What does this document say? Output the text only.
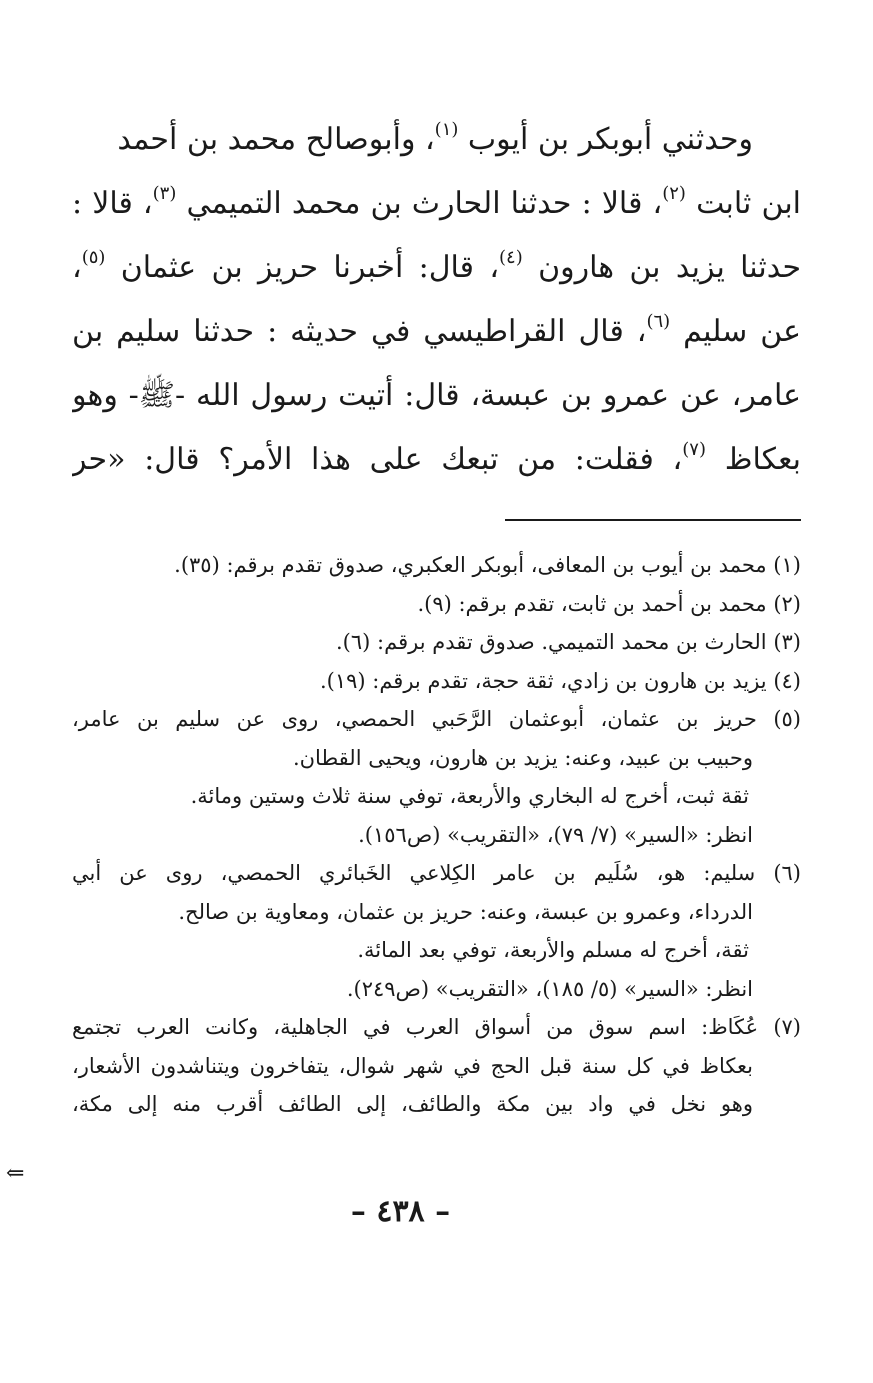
وحدثني أبوبكر بن أيوب $^{(١)}$، وأبوصالح محمد بن أحمد
ابن ثابت $^{(٢)}$، قالا : حدثنا الحارث بن محمد التميمي $^{(٣)}$، قالا :
حدثنا يزيد بن هارون $^{(٤)}$، قال: أخبرنا حريز بن عثمان $^{(٥)}$،
عن سليم $^{(٦)}$، قال القراطيسي في حديثه : حدثنا سليم بن
عامر، عن عمرو بن عبسة، قال: أتيت رسول الله -ﷺ- وهو
بعكاظ $^{(٧)}$، فقلت: من تبعك على هذا الأمر؟ قال: «حر
(١) محمد بن أيوب بن المعافى، أبوبكر العكبري، صدوق تقدم برقم: (٣٥).
(٢) محمد بن أحمد بن ثابت، تقدم برقم: (٩).
(٣) الحارث بن محمد التميمي. صدوق تقدم برقم: (٦).
(٤) يزيد بن هارون بن زادي، ثقة حجة، تقدم برقم: (١٩).
(٥) حريز بن عثمان، أبوعثمان الرَّحَبي الحمصي، روى عن سليم بن عامر،
وحبيب بن عبيد، وعنه: يزيد بن هارون، ويحيى القطان.
ثقة ثبت، أخرج له البخاري والأربعة، توفي سنة ثلاث وستين ومائة.
انظر: «السير» (٧/ ٧٩)، «التقريب» (ص١٥٦).
(٦) سليم: هو، سُلَيم بن عامر الكِلاعي الخَبائري الحمصي، روى عن أبي
الدرداء، وعمرو بن عبسة، وعنه: حريز بن عثمان، ومعاوية بن صالح.
ثقة، أخرج له مسلم والأربعة، توفي بعد المائة.
انظر: «السير» (٥/ ١٨٥)، «التقريب» (ص٢٤٩).
(٧) عُكَاظ: اسم سوق من أسواق العرب في الجاهلية، وكانت العرب تجتمع
بعكاظ في كل سنة قبل الحج في شهر شوال، يتفاخرون ويتناشدون الأشعار،
وهو نخل في واد بين مكة والطائف، إلى الطائف أقرب منه إلى مكة،
⇐
– ٤٣٨ –
